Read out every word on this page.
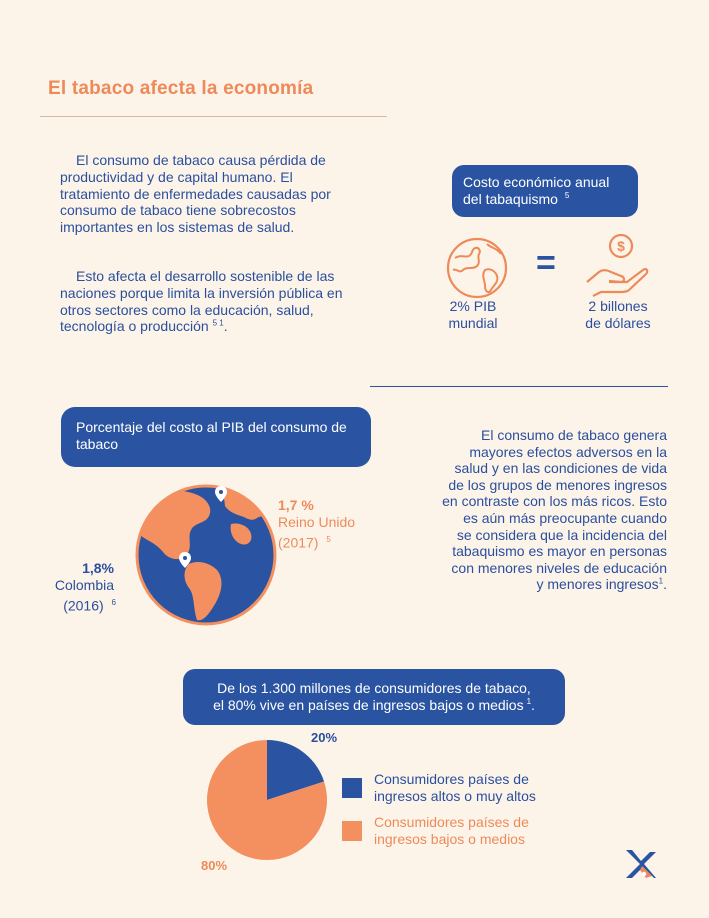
El tabaco afecta la economía
El consumo de tabaco causa pérdida de productividad y de capital humano. El tratamiento de enfermedades causadas por consumo de tabaco tiene sobrecostos importantes en los sistemas de salud.
Esto afecta el desarrollo sostenible de las naciones porque limita la inversión pública en otros sectores como la educación, salud, tecnología o producción $^{5 1}$.
Costo económico anual del tabaquismo $^5$
=	$
2% PIB
mundial
2 billones
de dólares
Porcentaje del costo al PIB del consumo de tabaco
1,7 %
Reino Unido
(2017) $^5$
1,8%
Colombia
(2016) $^6$
El consumo de tabaco genera
mayores efectos adversos en la
salud y en las condiciones de vida
de los grupos de menores ingresos
en contraste con los más ricos. Esto
es aún más preocupante cuando
se considera que la incidencia del
tabaquismo es mayor en personas
con menores niveles de educación
y menores ingresos$^1$.
De los 1.300 millones de consumidores de tabaco,
el 80% vive en países de ingresos bajos o medios $^1$.
20%
80%
Consumidores países de
ingresos altos o muy altos
Consumidores países de
ingresos bajos o medios
